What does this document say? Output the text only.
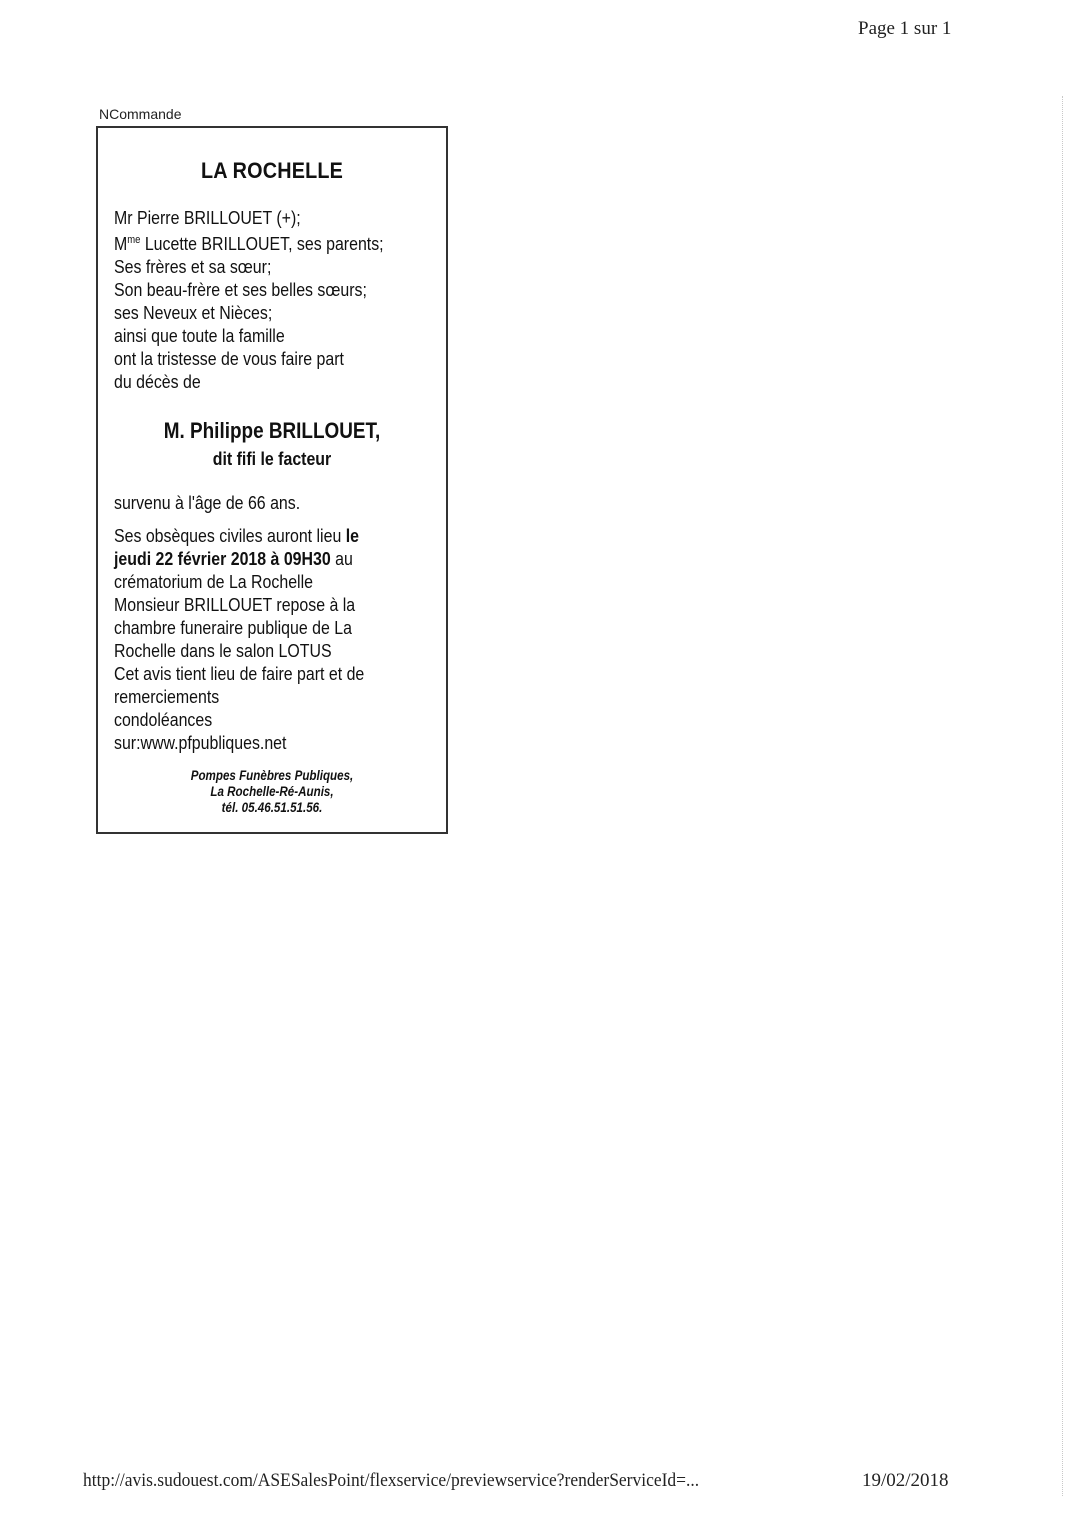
Page 1 sur 1
NCommande
LA ROCHELLE
Mr Pierre BRILLOUET (+);
$M^{me}$ Lucette BRILLOUET, ses parents;
Ses frères et sa sœur;
Son beau-frère et ses belles sœurs;
ses Neveux et Nièces;
ainsi que toute la famille
ont la tristesse de vous faire part
du décès de
M. Philippe BRILLOUET,
dit fifi le facteur
survenu à l'âge de 66 ans.
Ses obsèques civiles auront lieu le
jeudi 22 février 2018 à 09H30 au
crématorium de La Rochelle
Monsieur BRILLOUET repose à la
chambre funeraire publique de La
Rochelle dans le salon LOTUS
Cet avis tient lieu de faire part et de
remerciements
condoléances
sur:www.pfpubliques.net
Pompes Funèbres Publiques,
La Rochelle-Ré-Aunis,
tél. 05.46.51.51.56.
http://avis.sudouest.com/ASESalesPoint/flexservice/previewservice?renderServiceId=...	19/02/2018
